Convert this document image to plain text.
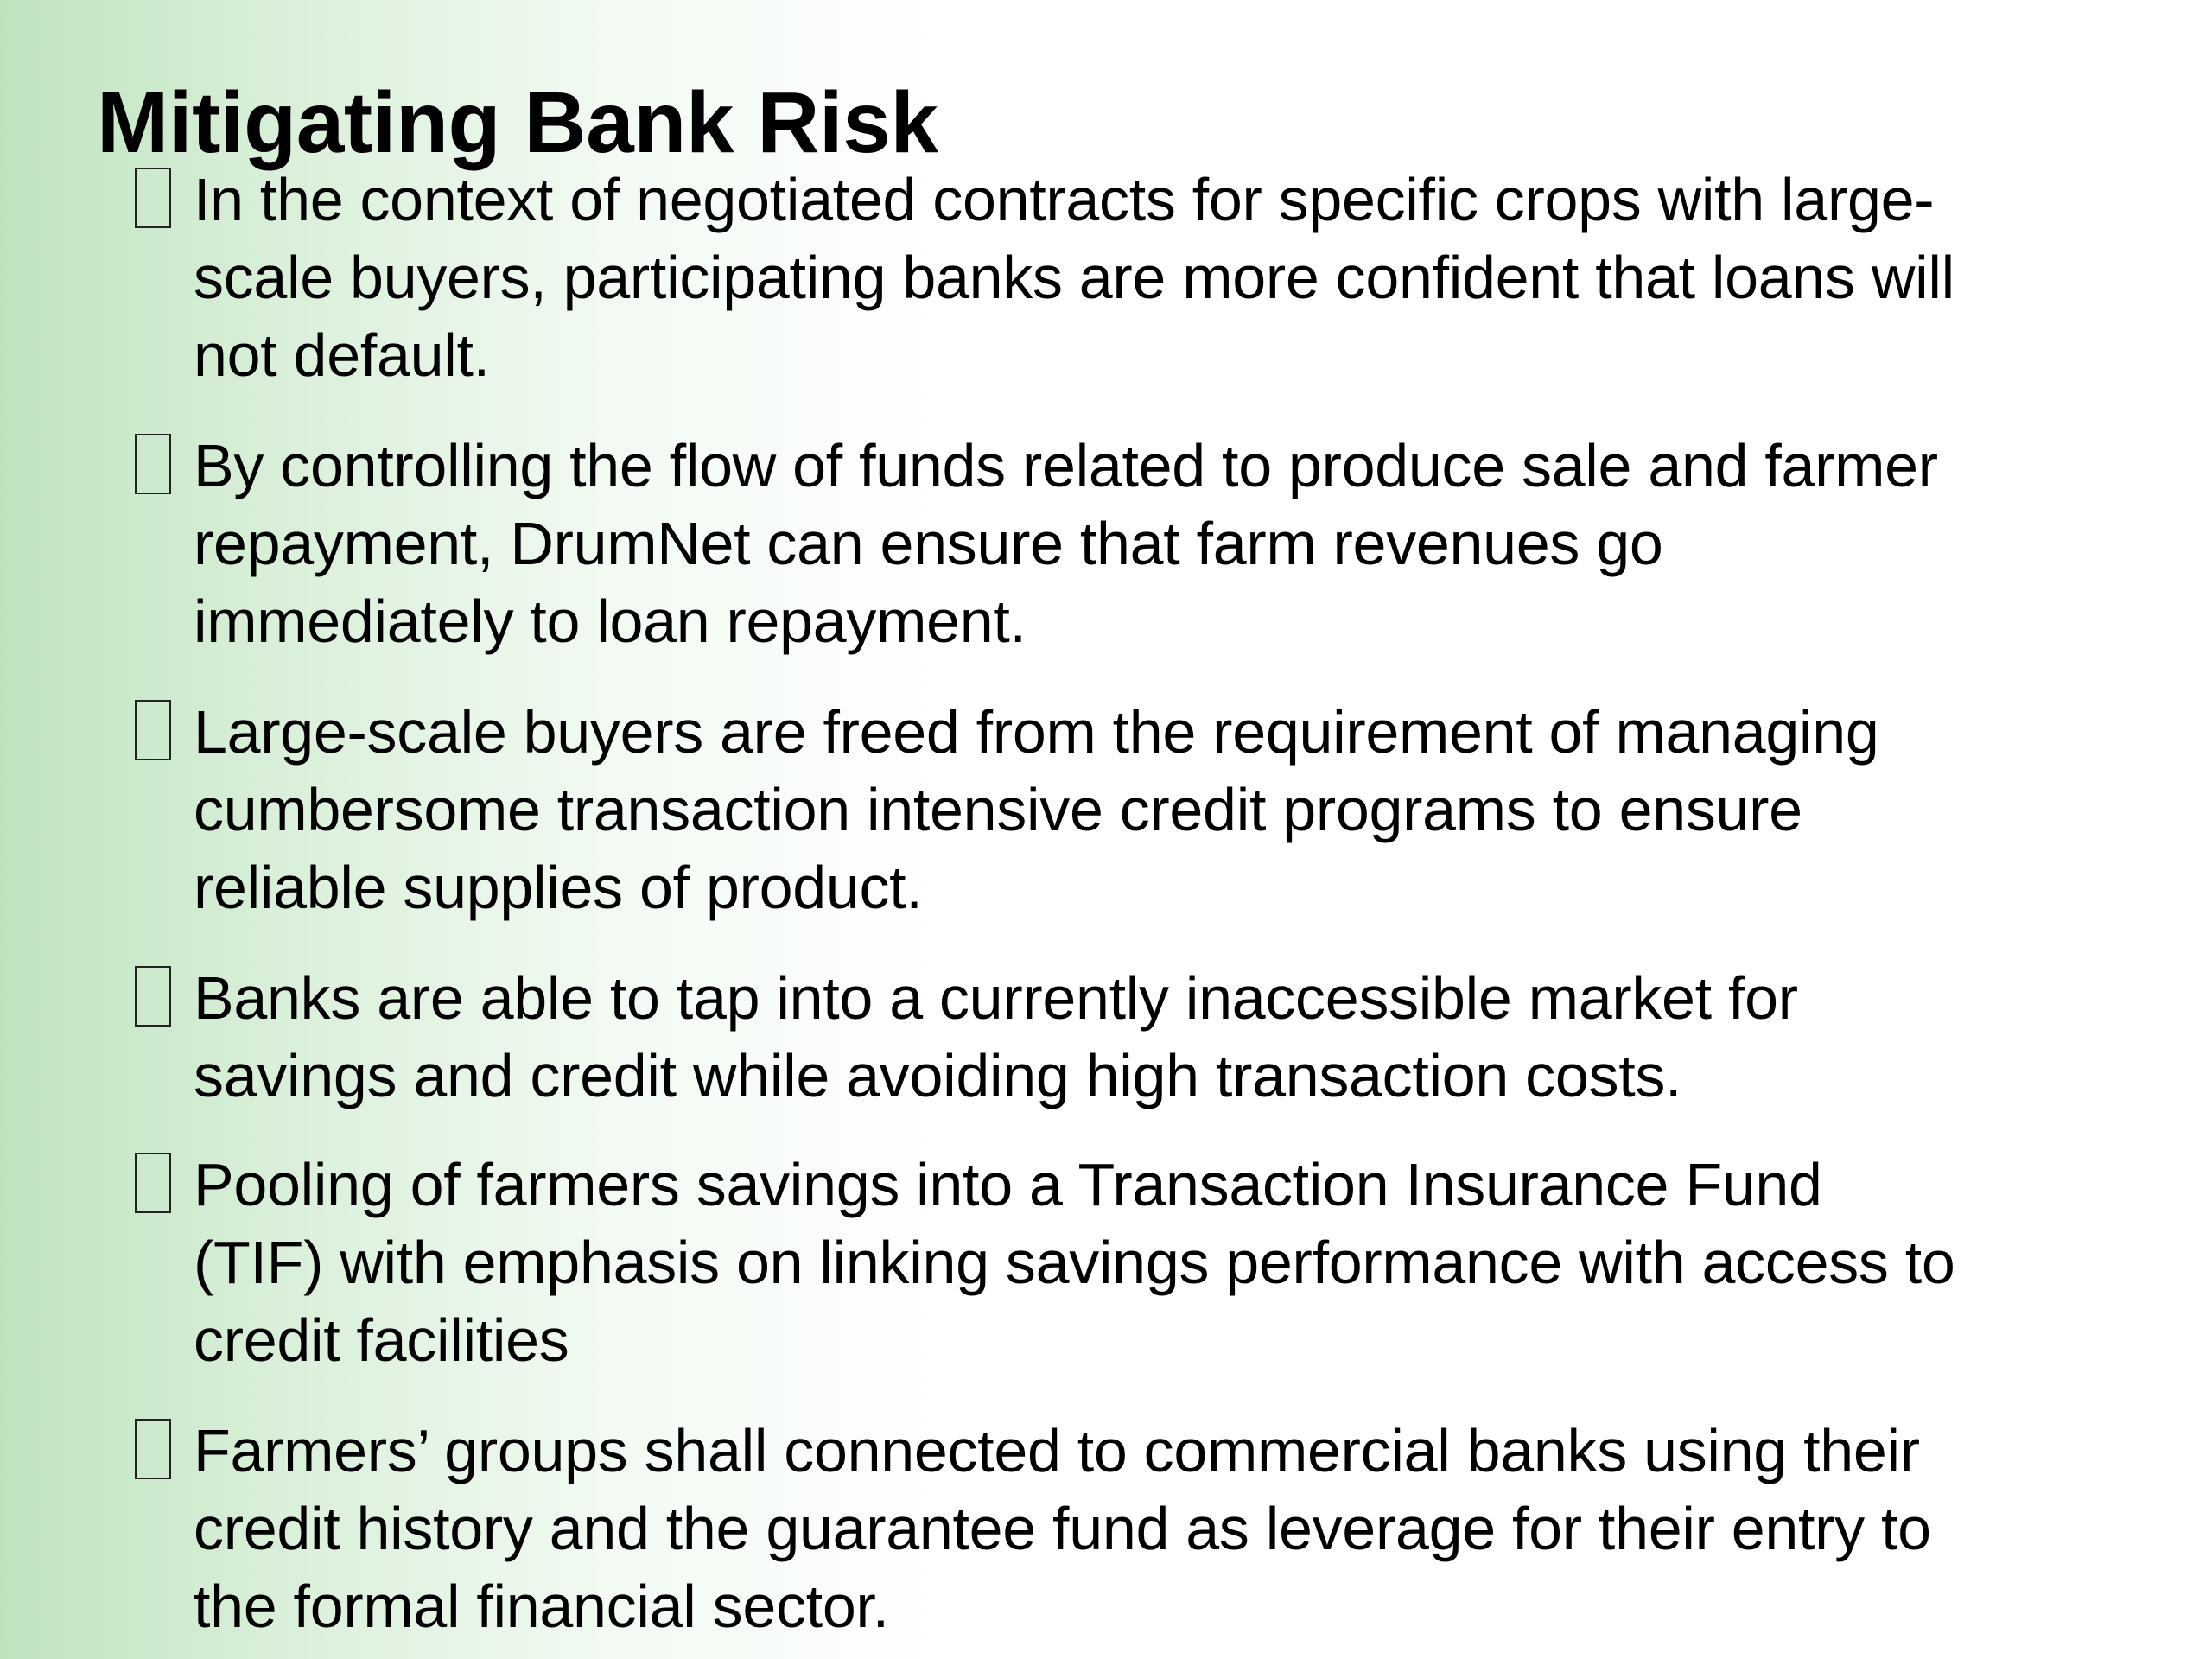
Mitigating Bank Risk
In the context of negotiated contracts for specific crops with large-
scale buyers, participating banks are more confident that loans will
not default.
By controlling the flow of funds related to produce sale and farmer
repayment, DrumNet can ensure that farm revenues go
immediately to loan repayment.
Large-scale buyers are freed from the requirement of managing
cumbersome transaction intensive credit programs to ensure
reliable supplies of product.
Banks are able to tap into a currently inaccessible market for
savings and credit while avoiding high transaction costs.
Pooling of farmers savings into a Transaction Insurance Fund
(TIF) with emphasis on linking savings performance with access to
credit facilities
Farmers’ groups shall connected to commercial banks using their
credit history and the guarantee fund as leverage for their entry to
the formal financial sector.
